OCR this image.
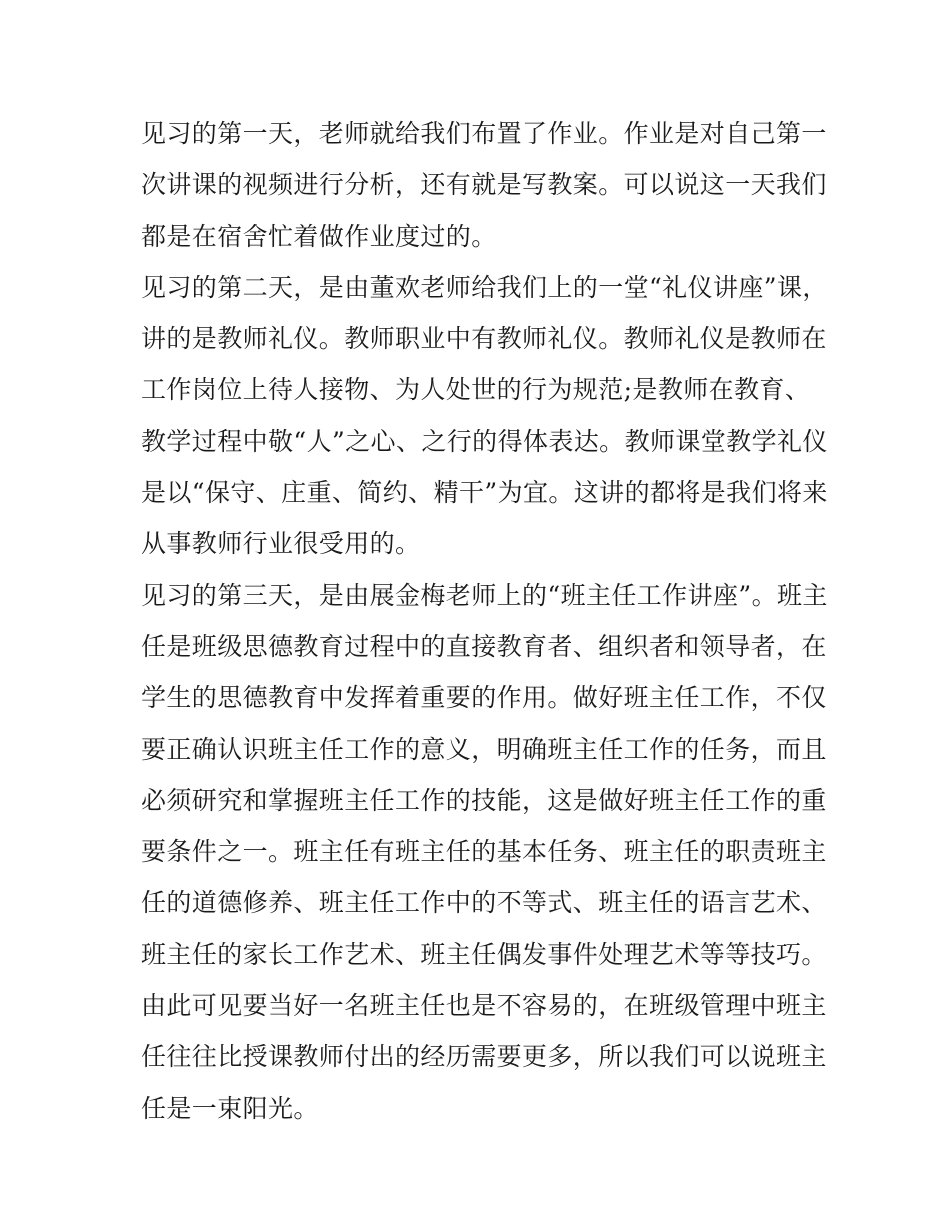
见习的第一天，老师就给我们布置了作业。作业是对自己第一
次讲课的视频进行分析，还有就是写教案。可以说这一天我们
都是在宿舍忙着做作业度过的。
见习的第二天，是由董欢老师给我们上的一堂“礼仪讲座”课，
讲的是教师礼仪。教师职业中有教师礼仪。教师礼仪是教师在
工作岗位上待人接物、为人处世的行为规范;是教师在教育、
教学过程中敬“人”之心、之行的得体表达。教师课堂教学礼仪
是以“保守、庄重、简约、精干”为宜。这讲的都将是我们将来
从事教师行业很受用的。
见习的第三天，是由展金梅老师上的“班主任工作讲座”。班主
任是班级思德教育过程中的直接教育者、组织者和领导者，在
学生的思德教育中发挥着重要的作用。做好班主任工作，不仅
要正确认识班主任工作的意义，明确班主任工作的任务，而且
必须研究和掌握班主任工作的技能，这是做好班主任工作的重
要条件之一。班主任有班主任的基本任务、班主任的职责班主
任的道德修养、班主任工作中的不等式、班主任的语言艺术、
班主任的家长工作艺术、班主任偶发事件处理艺术等等技巧。
由此可见要当好一名班主任也是不容易的，在班级管理中班主
任往往比授课教师付出的经历需要更多，所以我们可以说班主
任是一束阳光。
